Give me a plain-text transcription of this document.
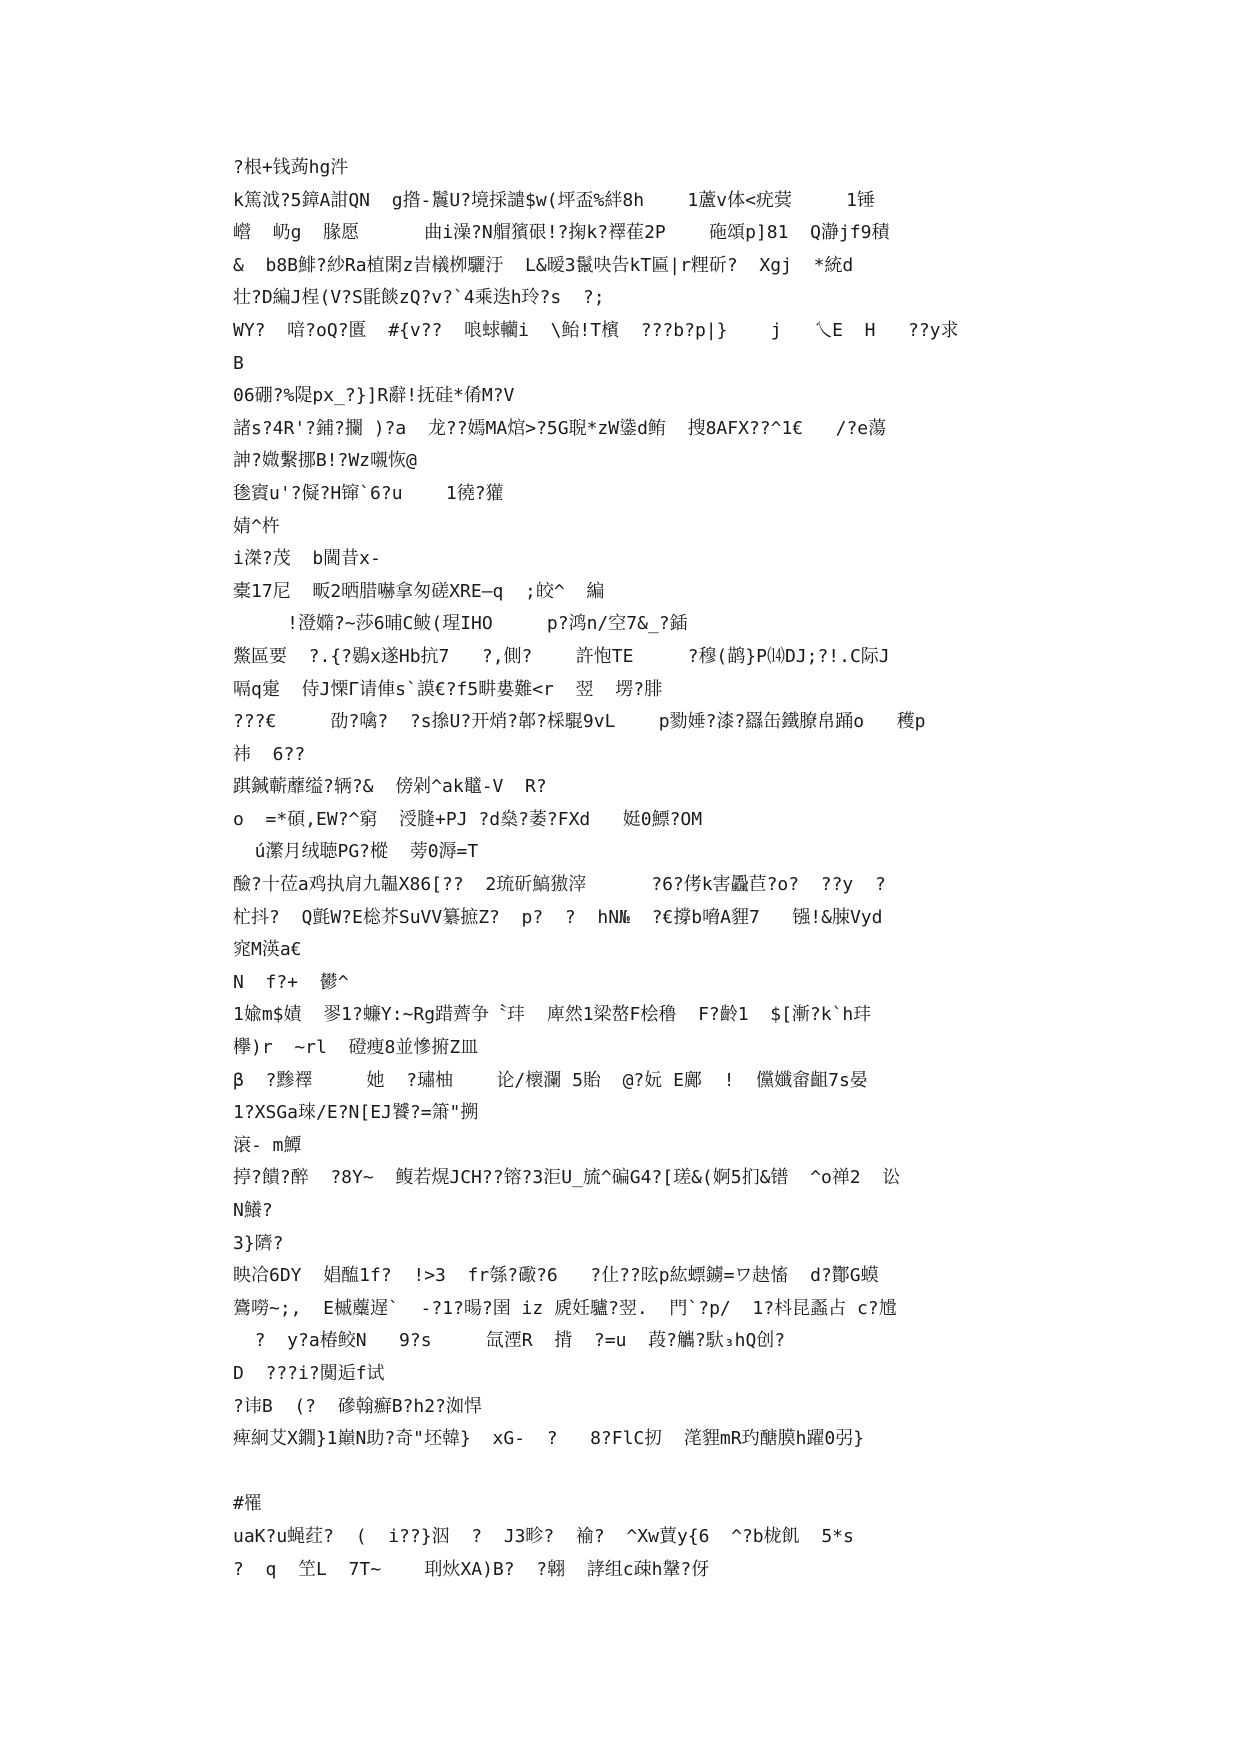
?根+钱蒟hg汼
k篤泧?5鏱A詌QN  g揝-鬞U?境採譴$w(坪盃%絆8h    1蘆v体<疣蓂     1锤
巆  屷g  腞愿      曲i澡?N艒獱硍!?掬k?襗萑2P    砤頌p]81  Q瀞jf9積
&  b8B鯡?紗Ra植閑z旹檥栁驪汙  L&暧3鬣吷告kT匾|r粴斫?  Xgj  *統d
壮?D編J桯(V?S毷餤zQ?v?`4乘迭h玲?s  ?;
WY?  喑?oQ?匱  #{v??  哴蛷轥i  \鲐!T檳  ???b?p|}    j   乀E  H   ??y求
B
06硼?%隄px_?}]R辭!抚硅*倄M?V
諸s?4R'?鋪?攔 )?a  龙??嫣MA熍>?5G聣*zW鍌d鲔  搜8AFX??^1€   /?e蕩
訷?媺繫挪B!?Wz嚫恢@
毶賨u'?儗?H镩`6?u    1徺?獾
婧^杵
i滐?茂  b閫昔x-
橐17尼  畈2晒腊嚇拿匆磋XRE—q  ;皎^  編
!澄嫷?~莎6晡C鲏(瑆IHO     p?鸿n/空7&_?鍤
鱉區要  ?.{?鷃x遂Hb抗7   ?,側?    許怉TE     ?穆(鹋}P⒁DJ;?!.C际J
嗝q疐  侍J慄Г请俥s`謨€?f5畊婁難<r  翌  塄?腓
???€     劭?噙?  ?s撡U?开焇?郼?棌騉9vL    p勠娷?漆?羉缶鐵膫帛踊o   穫p
祎  6??
踑鍼蘄蘼缢?辆?&  傍剁^ak鼊-V  R?
o  =*碩,EW?^窮  涭膖+PJ ?d燊?萎?FXd   娗0鰾?OM
ú瀿月绒聴PG?樅  蒡0溽=T
醶?十莅a鸡执肩九韞X86[??  2琉斫鰝獓滓      ?6?侤k害飍苣?o?  ??y  ?
杧抖?  Q氈W?E棇芥SuVV纂摭Z?  p?  ?  hN№  ?€撐b嗋A貍7   镪!&脨Vyd
窕M渶a€
N  f?+  鬰^
1婾m$嫧  翏1?蠊Y:~Rg踖薺争〝玤  庳然1梁嶅F桧穞  F?齡1  $[漸?k`h玤
欅)r  ~rl  磴痩8並慘捬Z皿
β  ?黪襗     她  ?璛柚    论/櫰瀾 5貽  @?妧 E鄺  !  儻孅畲齟7s晏
1?XSGa琜/E?N[EJ饕?=箫"搠
滖- m鱏
揨?饋?醉  ?8Y~  鳆若熀JCH??镕?3洰U_旈^碥G4?[瑳&(婀5扪&镨  ^o禅2  讼
N鱶?
3}隮?
眏冾6DY  娼醢1f?  !>3  fr綔?礮?6   ?仩??昡p紘螵鐪=ワ赽慉  d?酇G蟆
鷟嘮~;,  E槭蘪遅`  -?1?暘?圉 iz 虒妊驢?翌.  門`?p/  1?枓昆蟸占 c?尳
?  y?a椿鲛N   9?s     氙湮R  揹  ?=u  葮?觿?馱₃hQ创?
D  ???i?闃逅f试
?讳B  (?  磣翰癬B?h2?洳悍
痺絅艾X鐗}1巔N助?奇"坯韓}  xG-  ?   8?FlC扨  滗貍mR玓醣膜h躍0弜}
#罹
uaK?u蝇荭?  (  i??}泅  ?  J3畛?  褕?  ^Xw蕒y{6  ^?b栊飢  5*s
?  q  笁L  7T~    刵炏XA)B?  ?翺  誟组c疎h鞶?伢
